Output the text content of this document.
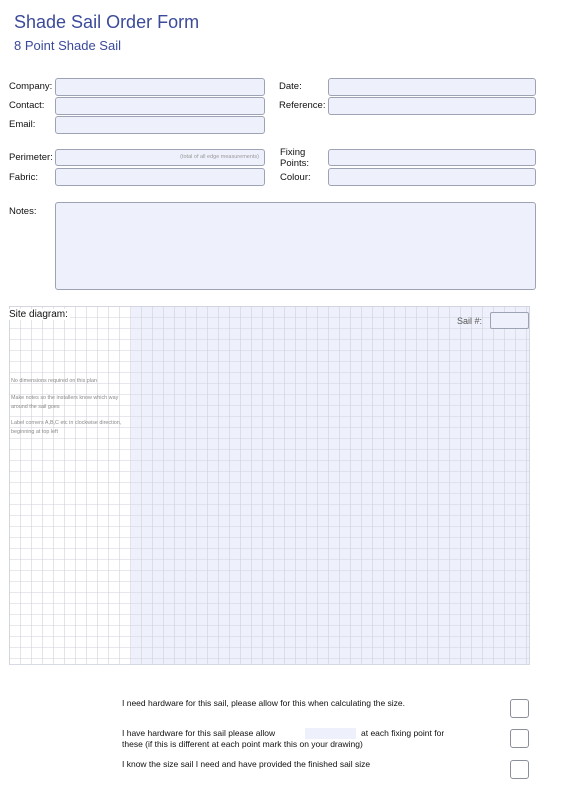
Shade Sail Order Form
8 Point Shade Sail
Company:
Contact:
Email:
Date:
Reference:
Perimeter:	(total of all edge measurements)
Fabric:
Fixing
Points:
Colour:
Notes:
Site diagram:
Sail #:
No dimensions required on this plan
Make notes so the installers know which way around the sail goes
Label corners A,B,C etc in clockwise direction, beginning at top left
I need hardware for this sail, please allow for this when calculating the size.
I have hardware for this sail please allow	at each fixing point for
these (if this is different at each point mark this on your drawing)
I know the size sail I need and have provided the finished sail size
